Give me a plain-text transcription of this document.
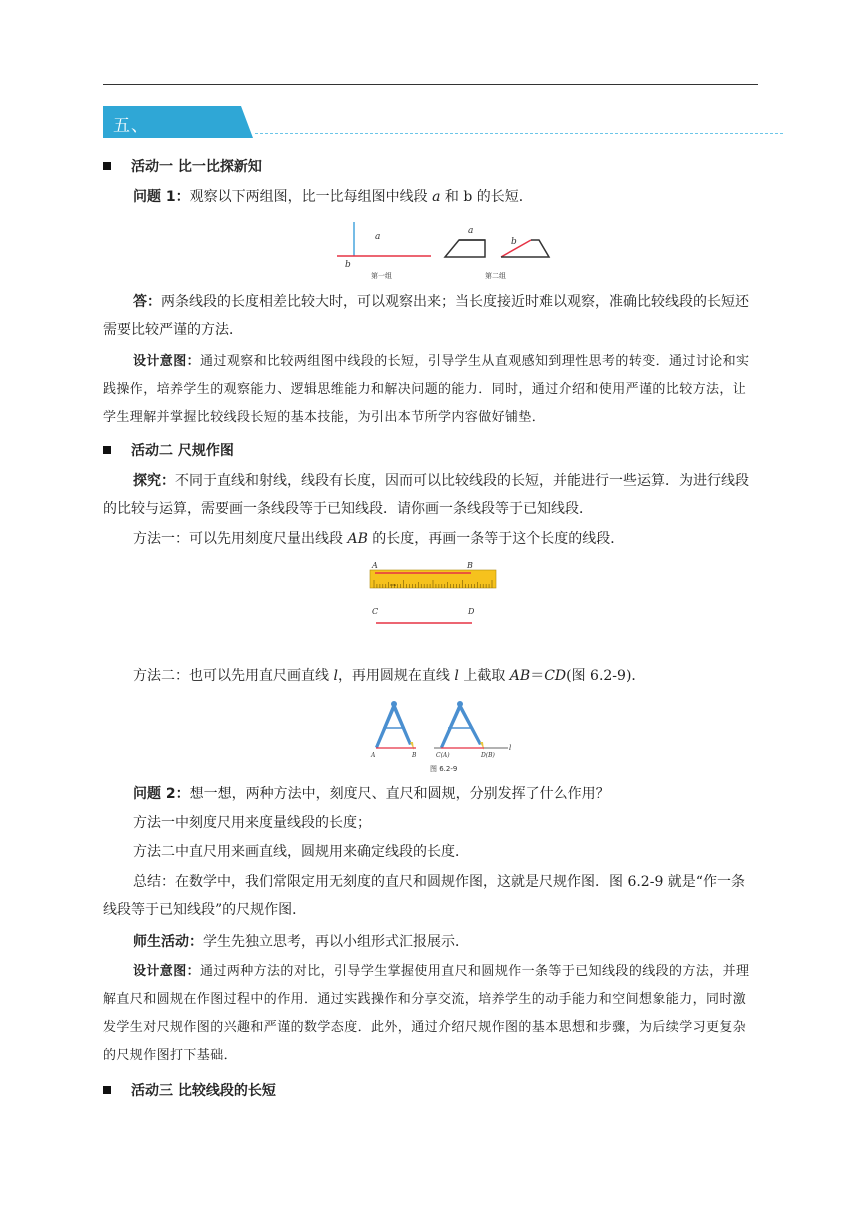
五、教学过程
活动一 比一比探新知
问题 1：观察以下两组图，比一比每组图中线段 a 和 b 的长短．
a
b
第一组
a
b
第二组
答：两条线段的长度相差比较大时，可以观察出来；当长度接近时难以观察，准确比较线段的长短还需要比较严谨的方法．
设计意图：通过观察和比较两组图中线段的长短，引导学生从直观感知到理性思考的转变．通过讨论和实践操作，培养学生的观察能力、逻辑思维能力和解决问题的能力．同时，通过介绍和使用严谨的比较方法，让学生理解并掌握比较线段长短的基本技能，为引出本节所学内容做好铺垫．
活动二 尺规作图
探究：不同于直线和射线，线段有长度，因而可以比较线段的长短，并能进行一些运算．为进行线段的比较与运算，需要画一条线段等于已知线段．请你画一条线段等于已知线段．
方法一：可以先用刻度尺量出线段 AB 的长度，再画一条等于这个长度的线段．
A	B
cm
C	D
方法二：也可以先用直尺画直线 l，再用圆规在直线 l 上截取 AB＝CD(图 6.2-9)．
A	B	C(A)	D(B)
l
图 6.2-9
问题 2：想一想，两种方法中，刻度尺、直尺和圆规，分别发挥了什么作用？
方法一中刻度尺用来度量线段的长度；
方法二中直尺用来画直线，圆规用来确定线段的长度．
总结：在数学中，我们常限定用无刻度的直尺和圆规作图，这就是尺规作图．图 6.2-9 就是“作一条线段等于已知线段”的尺规作图．
师生活动：学生先独立思考，再以小组形式汇报展示．
设计意图：通过两种方法的对比，引导学生掌握使用直尺和圆规作一条等于已知线段的线段的方法，并理解直尺和圆规在作图过程中的作用．通过实践操作和分享交流，培养学生的动手能力和空间想象能力，同时激发学生对尺规作图的兴趣和严谨的数学态度．此外，通过介绍尺规作图的基本思想和步骤，为后续学习更复杂的尺规作图打下基础．
活动三 比较线段的长短
